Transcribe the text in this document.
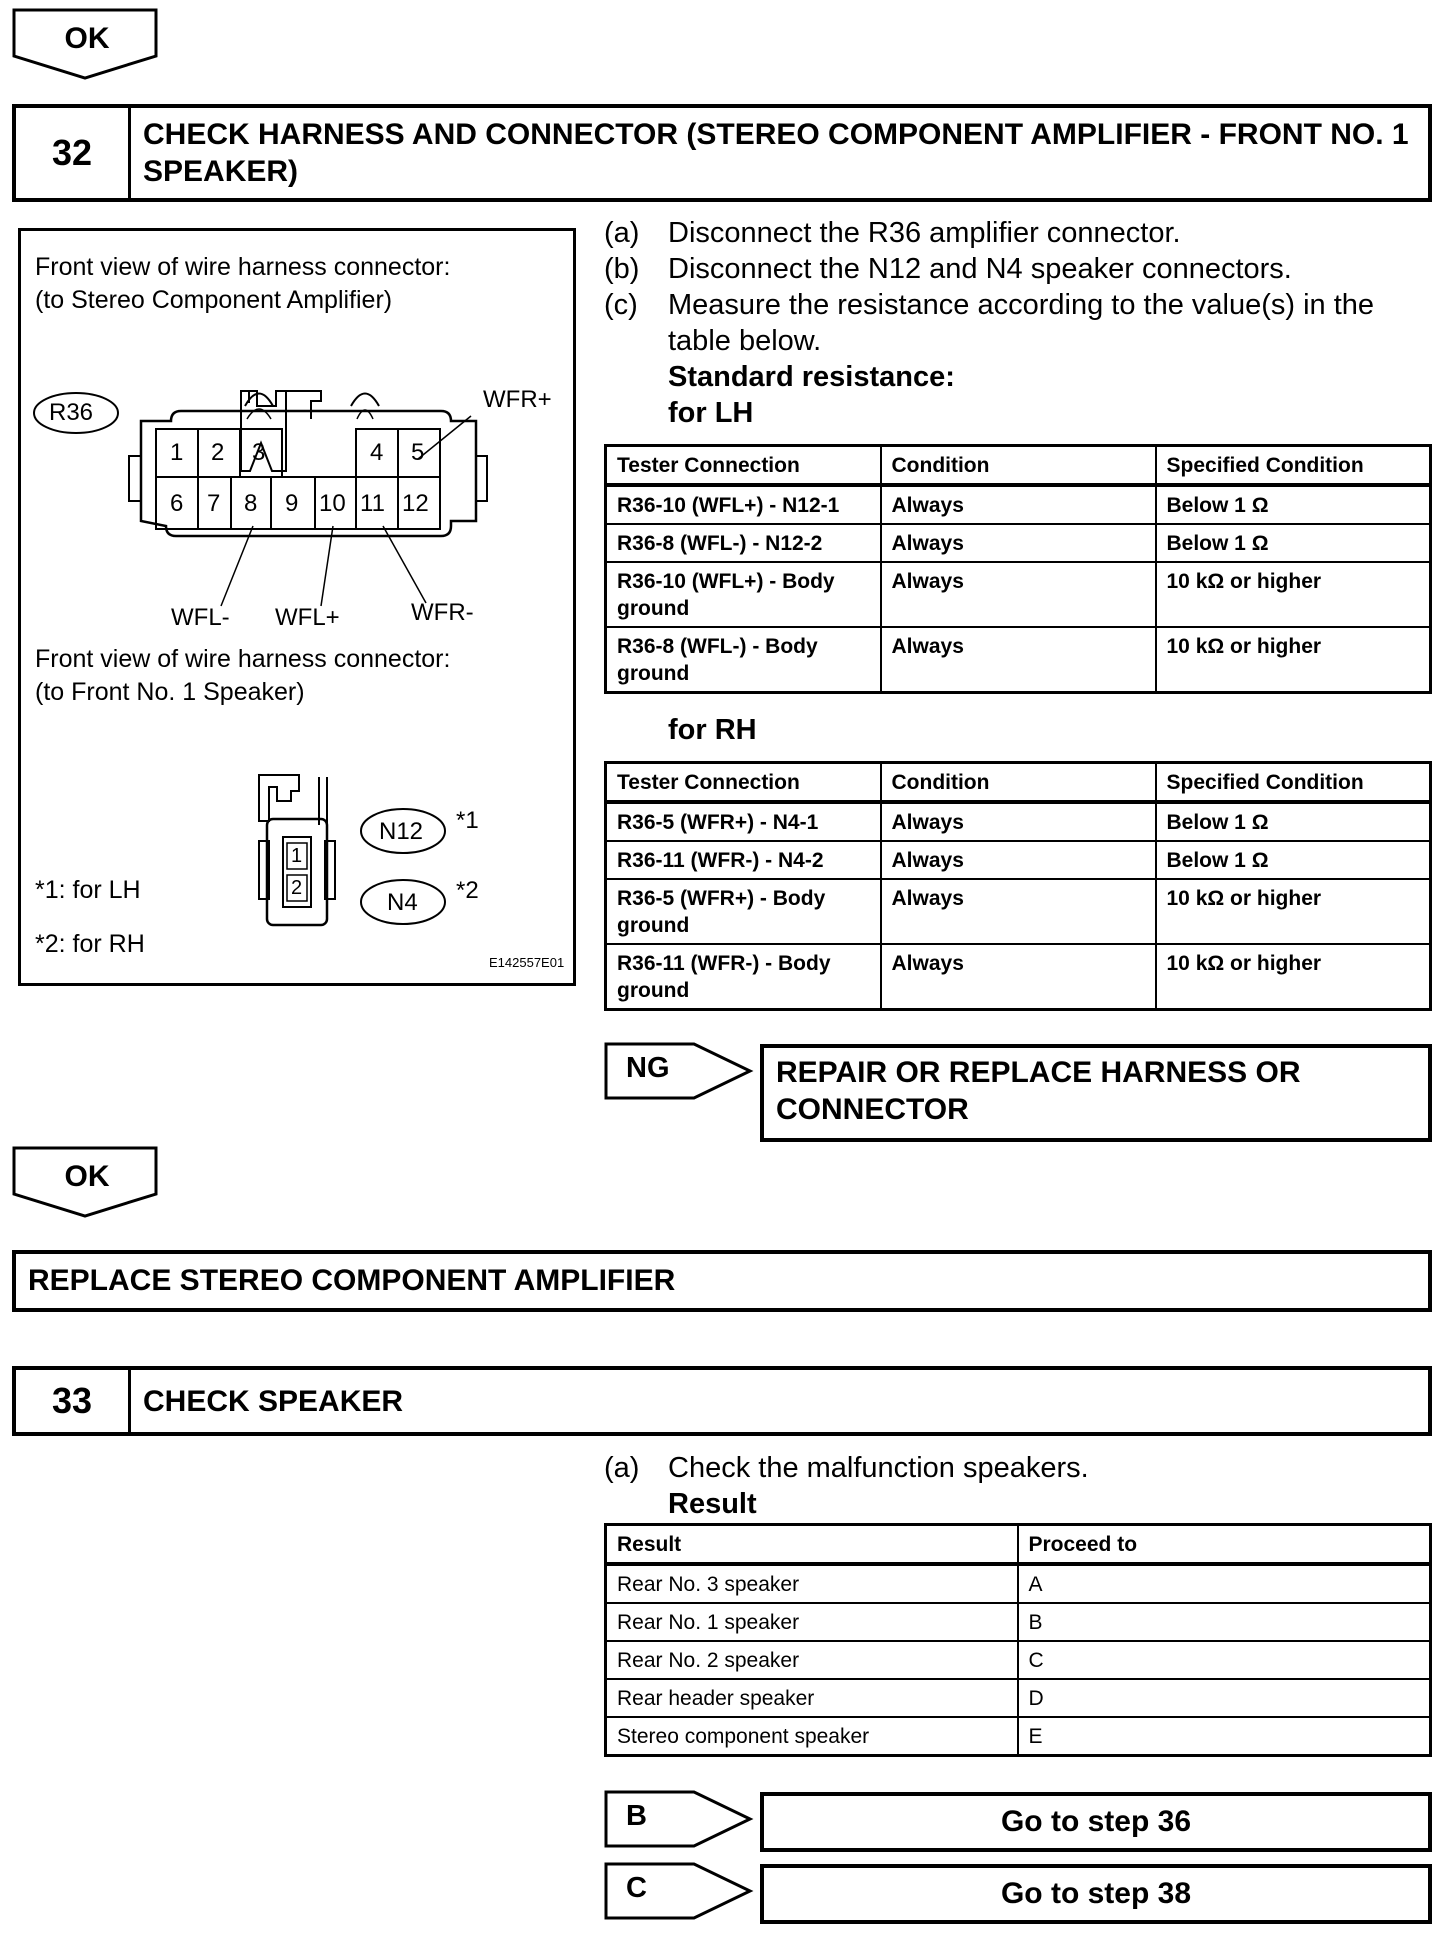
OK
32	CHECK HARNESS AND CONNECTOR (STEREO COMPONENT AMPLIFIER - FRONT NO. 1 SPEAKER)
Front view of wire harness connector:
(to Stereo Component Amplifier)
R36
1 2 3	4 5
6 7 8 9 10 11 12
WFR+
WFL- WFL+	WFR-
Front view of wire harness connector:
(to Front No. 1 Speaker)
1
2
N12
N4
*1
*2
*1: for LH
*2: for RH
E142557E01
(a) Disconnect the R36 amplifier connector.
(b) Disconnect the N12 and N4 speaker connectors.
(c)	Measure the resistance according to the value(s) in the table below.
Standard resistance:
for LH
Tester Connection	Condition	Specified Condition
R36-10 (WFL+) - N12-1	Always	Below 1 Ω
R36-8 (WFL-) - N12-2	Always	Below 1 Ω
R36-10 (WFL+) - Body ground	Always	10 kΩ or higher
R36-8 (WFL-) - Body ground	Always	10 kΩ or higher
for RH
Tester Connection	Condition	Specified Condition
R36-5 (WFR+) - N4-1	Always	Below 1 Ω
R36-11 (WFR-) - N4-2	Always	Below 1 Ω
R36-5 (WFR+) - Body ground	Always	10 kΩ or higher
R36-11 (WFR-) - Body ground	Always	10 kΩ or higher
NG	REPAIR OR REPLACE HARNESS OR CONNECTOR
OK
REPLACE STEREO COMPONENT AMPLIFIER
33	CHECK SPEAKER
(a) Check the malfunction speakers.
Result
Result	Proceed to
Rear No. 3 speaker	A
Rear No. 1 speaker	B
Rear No. 2 speaker	C
Rear header speaker	D
Stereo component speaker	E
B	Go to step 36
C	Go to step 38
